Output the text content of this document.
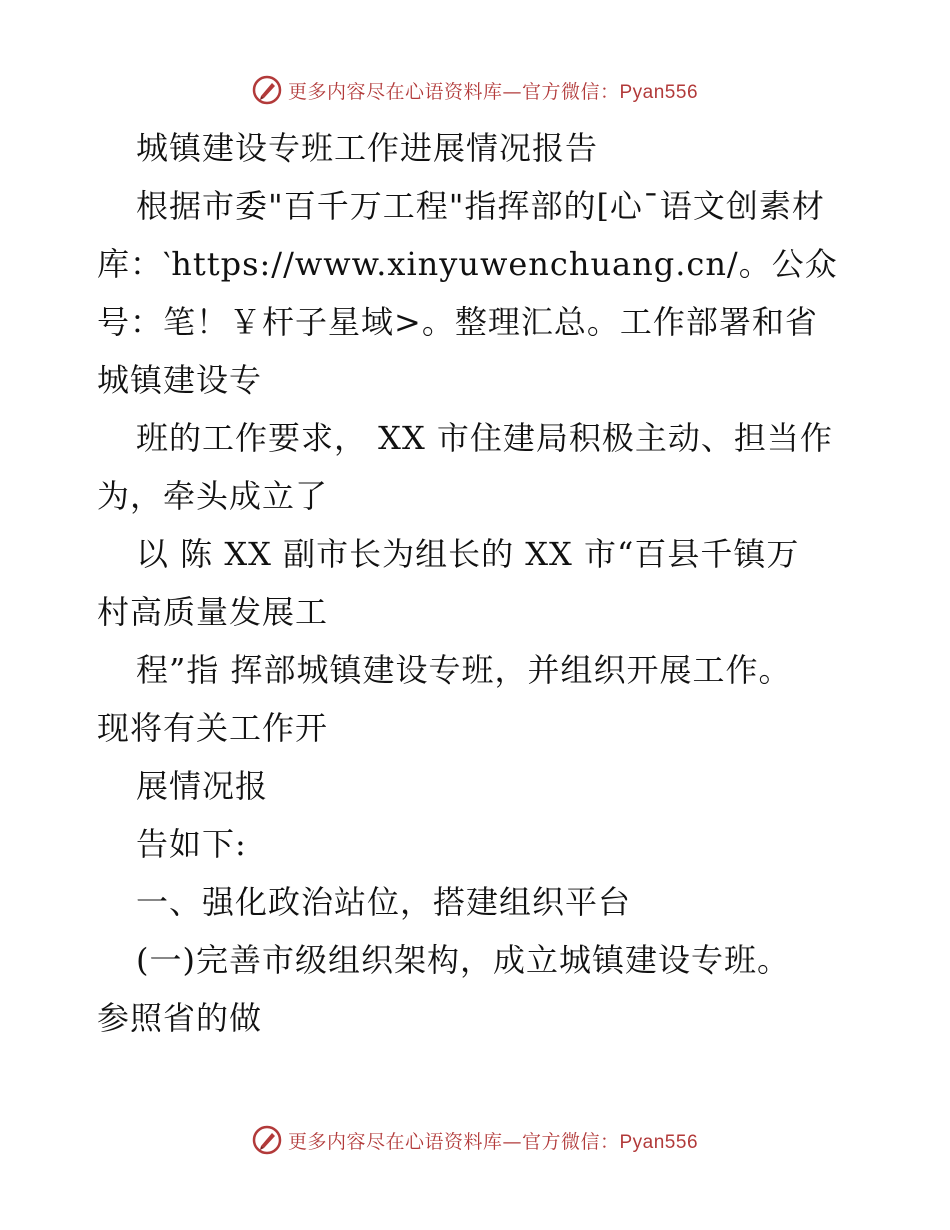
更多内容尽在心语资料库—官方微信：Pyan556
城镇建设专班工作进展情况报告
根据市委"百千万工程"指挥部的[心¯语文创素材
库：‵https://www.xinyuwenchuang.cn/。公众
号：笔！￥杆子星域>。整理汇总。工作部署和省
城镇建设专
班的工作要求， XX 市住建局积极主动、担当作
为，牵头成立了
以 陈 XX 副市长为组长的 XX 市“百县千镇万
村高质量发展工
程”指 挥部城镇建设专班，并组织开展工作。
现将有关工作开
展情况报
告如下:
一、强化政治站位，搭建组织平台
(一)完善市级组织架构，成立城镇建设专班。
参照省的做
更多内容尽在心语资料库—官方微信：Pyan556
